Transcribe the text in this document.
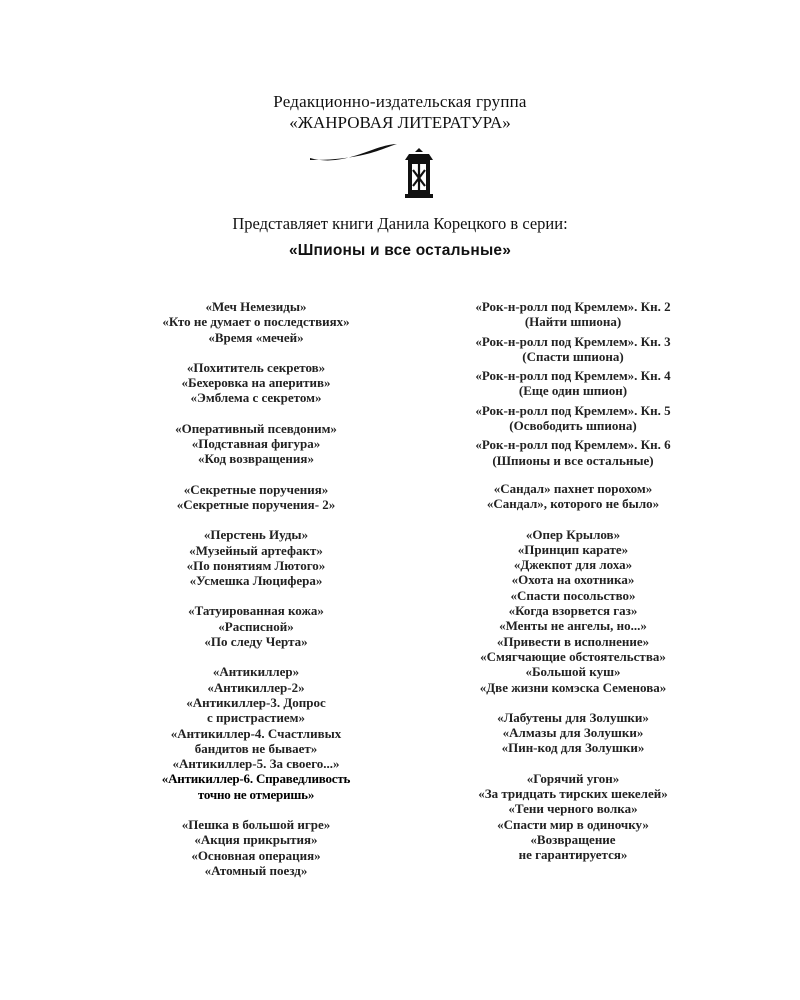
Редакционно-издательская группа
«ЖАНРОВАЯ ЛИТЕРАТУРА»
Представляет книги Данила Корецкого в серии:
«Шпионы и все остальные»
«Меч Немезиды»
«Кто не думает о последствиях»
«Время «мечей»
«Похититель секретов»
«Бехеровка на аперитив»
«Эмблема с секретом»
«Оперативный псевдоним»
«Подставная фигура»
«Код возвращения»
«Секретные поручения»
«Секретные поручения- 2»
«Перстень Иуды»
«Музейный артефакт»
«По понятиям Лютого»
«Усмешка Люцифера»
«Татуированная кожа»
«Расписной»
«По следу Черта»
«Антикиллер»
«Антикиллер-2»
«Антикиллер-3. Допрос
с пристрастием»
«Антикиллер-4. Счастливых
бандитов не бывает»
«Антикиллер-5. За своего...»
«Антикиллер-6. Справедливость
точно не отмеришь»
«Пешка в большой игре»
«Акция прикрытия»
«Основная операция»
«Атомный поезд»
«Рок-н-ролл под Кремлем». Кн. 2
(Найти шпиона)
«Рок-н-ролл под Кремлем». Кн. 3
(Спасти шпиона)
«Рок-н-ролл под Кремлем». Кн. 4
(Еще один шпион)
«Рок-н-ролл под Кремлем». Кн. 5
(Освободить шпиона)
«Рок-н-ролл под Кремлем». Кн. 6
(Шпионы и все остальные)
«Сандал» пахнет порохом»
«Сандал», которого не было»
«Опер Крылов»
«Принцип карате»
«Джекпот для лоха»
«Охота на охотника»
«Спасти посольство»
«Когда взорвется газ»
«Менты не ангелы, но...»
«Привести в исполнение»
«Смягчающие обстоятельства»
«Большой куш»
«Две жизни комэска Семенова»
«Лабутены для Золушки»
«Алмазы для Золушки»
«Пин-код для Золушки»
«Горячий угон»
«За тридцать тирских шекелей»
«Тени черного волка»
«Спасти мир в одиночку»
«Возвращение
не гарантируется»
